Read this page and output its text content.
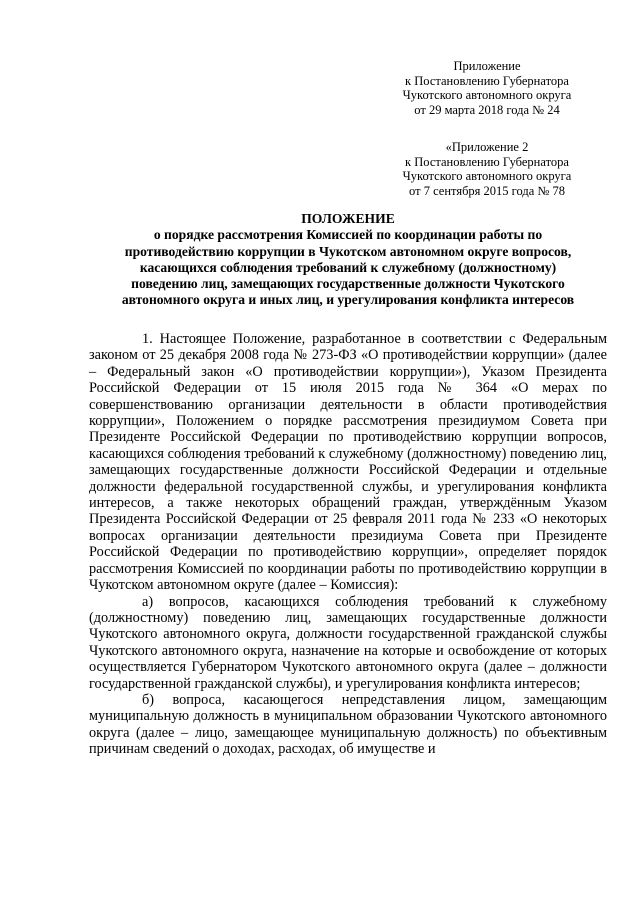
Приложение
к Постановлению Губернатора
Чукотского автономного округа
от 29 марта 2018 года № 24
«Приложение 2
к Постановлению Губернатора
Чукотского автономного округа
от 7 сентября 2015 года № 78
ПОЛОЖЕНИЕ
о порядке рассмотрения Комиссией по координации работы по
противодействию коррупции в Чукотском автономном округе вопросов,
касающихся соблюдения требований к служебному (должностному)
поведению лиц, замещающих государственные должности Чукотского
автономного округа и иных лиц, и урегулирования конфликта интересов

1. Настоящее Положение, разработанное в соответствии с Федеральным законом от 25 декабря 2008 года № 273-ФЗ «О противодействии коррупции» (далее – Федеральный закон «О противодействии коррупции»), Указом Президента Российской Федерации от 15 июля 2015 года № 364 «О мерах по совершенствованию организации деятельности в области противодействия коррупции», Положением о порядке рассмотрения президиумом Совета при Президенте Российской Федерации по противодействию коррупции вопросов, касающихся соблюдения требований к служебному (должностному) поведению лиц, замещающих государственные должности Российской Федерации и отдельные должности федеральной государственной службы, и урегулирования конфликта интересов, а также некоторых обращений граждан, утверждённым Указом Президента Российской Федерации от 25 февраля 2011 года № 233 «О некоторых вопросах организации деятельности президиума Совета при Президенте Российской Федерации по противодействию коррупции», определяет порядок рассмотрения Комиссией по координации работы по противодействию коррупции в Чукотском автономном округе (далее – Комиссия):

а) вопросов, касающихся соблюдения требований к служебному (должностному) поведению лиц, замещающих государственные должности Чукотского автономного округа, должности государственной гражданской службы Чукотского автономного округа, назначение на которые и освобождение от которых осуществляется Губернатором Чукотского автономного округа (далее – должности государственной гражданской службы), и урегулирования конфликта интересов;

б) вопроса, касающегося непредставления лицом, замещающим муниципальную должность в муниципальном образовании Чукотского автономного округа (далее – лицо, замещающее муниципальную должность) по объективным причинам сведений о доходах, расходах, об имуществе и
